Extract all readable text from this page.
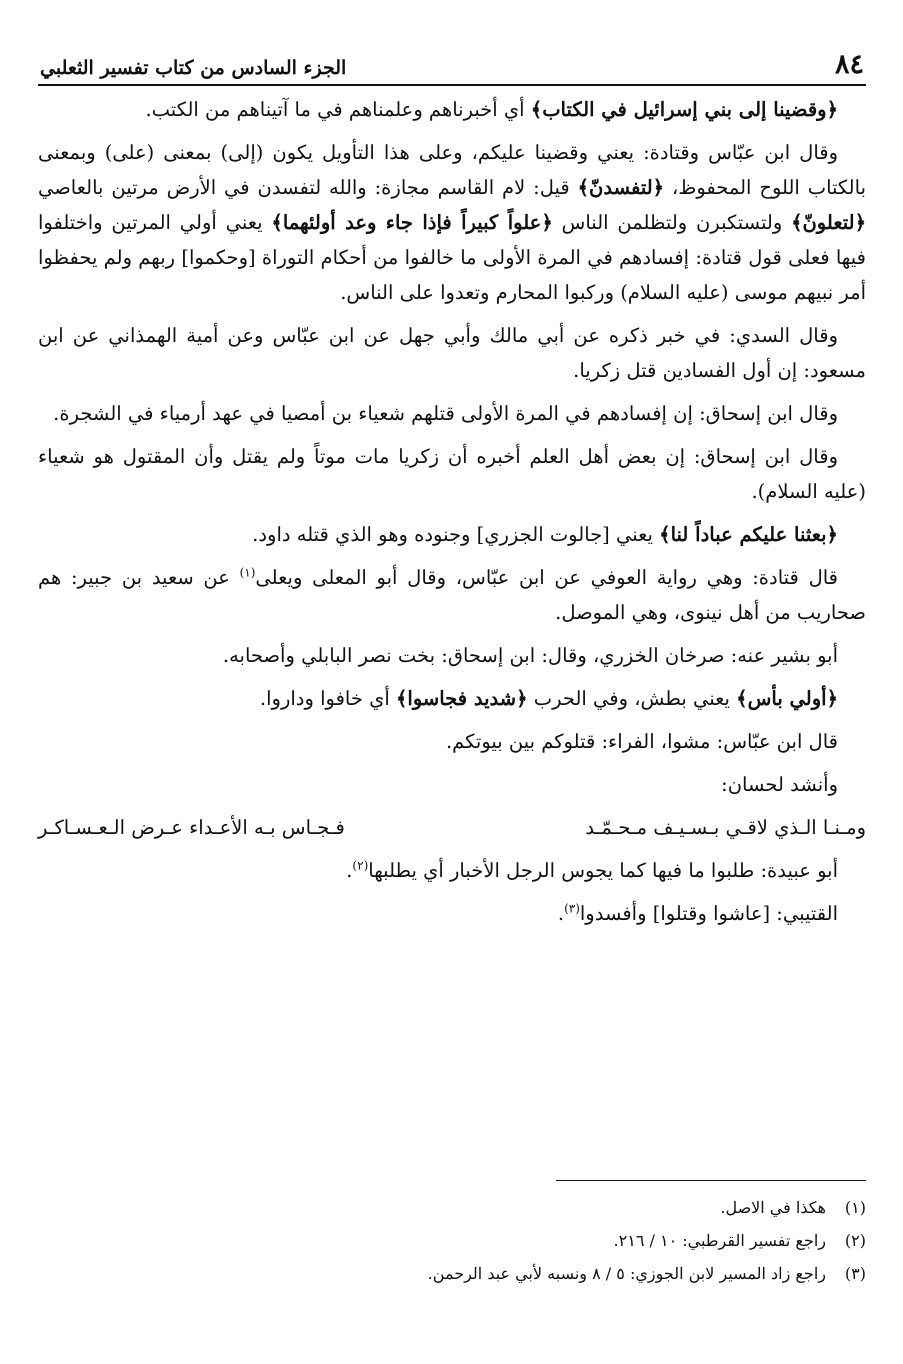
٨٤
الجزء السادس من كتاب تفسير الثعلبي

﴿وقضينا إلى بني إسرائيل في الكتاب﴾ أي أخبرناهم وعلمناهم في ما آتيناهم من الكتب.

وقال ابن عبّاس وقتادة: يعني وقضينا عليكم، وعلى هذا التأويل يكون (إلى) بمعنى (على) وبمعنى بالكتاب اللوح المحفوظ، ﴿لتفسدنّ﴾ قيل: لام القاسم مجازة: والله لتفسدن في الأرض مرتين بالعاصي ﴿لتعلونّ﴾ ولتستكبرن ولتظلمن الناس ﴿علواً كبيراً فإذا جاء وعد أولئهما﴾ يعني أولي المرتين واختلفوا فيها فعلى قول قتادة: إفسادهم في المرة الأولى ما خالفوا من أحكام التوراة [وحكموا] ربهم ولم يحفظوا أمر نبيهم موسى (عليه السلام) وركبوا المحارم وتعدوا على الناس.

وقال السدي: في خبر ذكره عن أبي مالك وأبي جهل عن ابن عبّاس وعن أمية الهمذاني عن ابن مسعود: إن أول الفسادين قتل زكريا.

وقال ابن إسحاق: إن إفسادهم في المرة الأولى قتلهم شعياء بن أمصيا في عهد أرمياء في الشجرة.

وقال ابن إسحاق: إن بعض أهل العلم أخبره أن زكريا مات موتاً ولم يقتل وأن المقتول هو شعياء (عليه السلام).

﴿بعثنا عليكم عباداً لنا﴾ يعني [جالوت الجزري] وجنوده وهو الذي قتله داود.

قال قتادة: وهي رواية العوفي عن ابن عبّاس، وقال أبو المعلى ويعلى$^{(١)}$ عن سعيد بن جبير: هم صحاريب من أهل نينوى، وهي الموصل.

أبو بشير عنه: صرخان الخزري، وقال: ابن إسحاق: بخت نصر البابلي وأصحابه.

﴿أولي بأس﴾ يعني بطش، وفي الحرب ﴿شديد فجاسوا﴾ أي خافوا وداروا.

قال ابن عبّاس: مشوا، الفراء: قتلوكم بين بيوتكم.

وأنشد لحسان:

ومـنـا الـذي لاقـي بـسـيـف مـحـمّـد
فـجـاس بـه الأعـداء عـرض الـعـسـاكـر

أبو عبيدة: طلبوا ما فيها كما يجوس الرجل الأخبار أي يطلبها$^{(٢)}$.

القتيبي: [عاشوا وقتلوا] وأفسدوا$^{(٣)}$.

(١)
هكذا في الاصل.
(٢)
راجع تفسير القرطبي: ١٠ / ٢١٦.
(٣)
راجع زاد المسير لابن الجوزي: ٥ / ٨ ونسبه لأبي عبد الرحمن.
